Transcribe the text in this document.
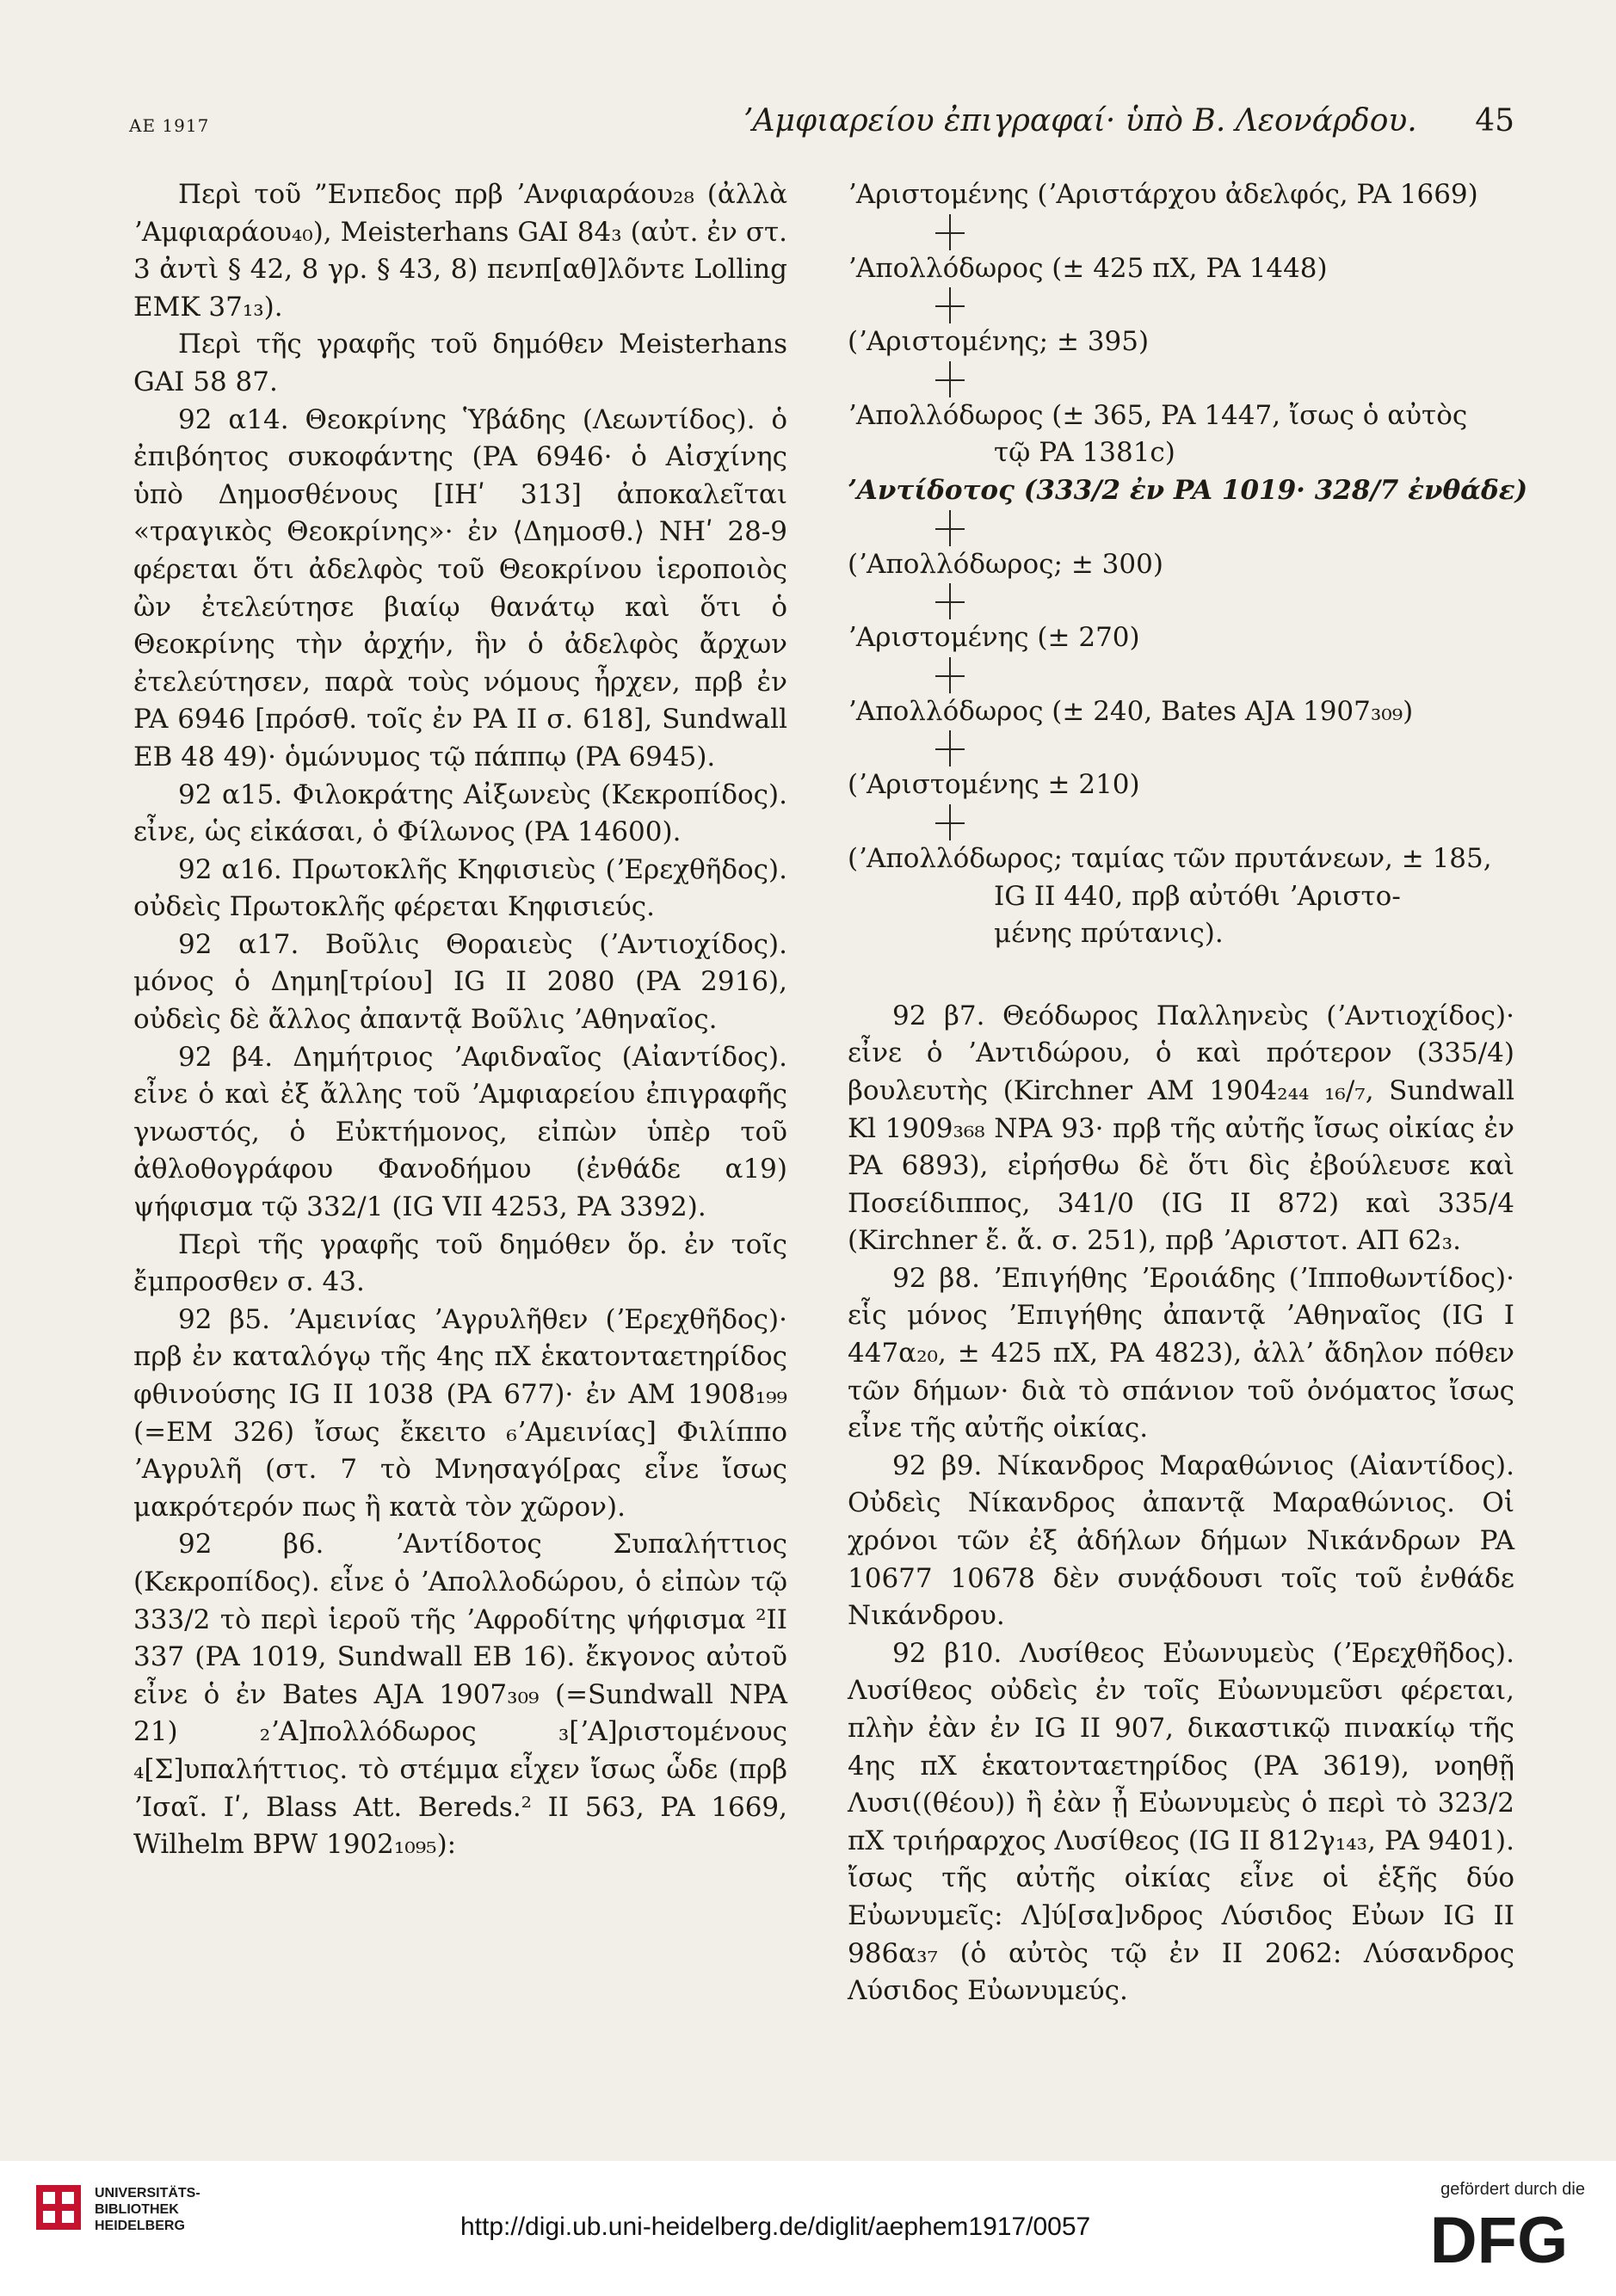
ΑΕ 1917	ʼΑμφιαρείου ἐπιγραφαί· ὑπὸ Β. Λεονάρδου. 45

Περὶ τοῦ ”Ενπεδος πρβ ʼΑνφιαράου₂₈ (ἀλλὰ ʼΑμφιαράου₄₀), Meisterhans GAI 84₃ (αὐτ. ἐν στ. 3 ἀντὶ § 42, 8 γρ. § 43, 8) πενπ[αθ]λõντε Lolling EMK 37₁₃).

Περὶ τῆς γραφῆς τοῦ δημόθεν Meisterhans GAI 58 87.

92 α14. Θεοκρίνης Ὑβάδης (Λεωντίδος). ὁ ἐπιβόητος συκοφάντης (PA 6946· ὁ Αἰσχίνης ὑπὸ Δημοσθένους [ΙΗʹ 313] ἀποκαλεῖται «τραγικὸς Θεοκρίνης»· ἐν ⟨Δημοσθ.⟩ ΝΗʹ 28-9 φέρεται ὅτι ἀδελφὸς τοῦ Θεοκρίνου ἱεροποιὸς ὢν ἐτελεύτησε βιαίῳ θανάτῳ καὶ ὅτι ὁ Θεοκρίνης τὴν ἀρχήν, ἣν ὁ ἀδελφὸς ἄρχων ἐτελεύτησεν, παρὰ τοὺς νόμους ἦρχεν, πρβ ἐν PA 6946 [πρόσθ. τοῖς ἐν PA II σ. 618], Sundwall EB 48 49)· ὁμώνυμος τῷ πάππῳ (PA 6945).

92 α15. Φιλοκράτης Αἰξωνεὺς (Κεκροπίδος). εἶνε, ὡς εἰκάσαι, ὁ Φίλωνος (PA 14600).

92 α16. Πρωτοκλῆς Κηφισιεὺς (ʼΕρεχθῆδος). οὐδεὶς Πρωτοκλῆς φέρεται Κηφισιεύς.

92 α17. Βοῦλις Θοραιεὺς (ʼΑντιοχίδος). μόνος ὁ Δημη[τρίου] IG II 2080 (PA 2916), οὐδεὶς δὲ ἄλλος ἀπαντᾷ Βοῦλις ʼΑθηναῖος.

92 β4. Δημήτριος ʼΑφιδναῖος (Αἰαντίδος). εἶνε ὁ καὶ ἐξ ἄλλης τοῦ ʼΑμφιαρείου ἐπιγραφῆς γνωστός, ὁ Εὐκτήμονος, εἰπὼν ὑπὲρ τοῦ ἀθλοθογράφου Φανοδήμου (ἐνθάδε α19) ψήφισμα τῷ 332/1 (IG VII 4253, PA 3392).

Περὶ τῆς γραφῆς τοῦ δημόθεν ὅρ. ἐν τοῖς ἔμπροσθεν σ. 43.

92 β5. ʼΑμεινίας ʼΑγρυλῆθεν (ʼΕρεχθῆδος)· πρβ ἐν καταλόγῳ τῆς 4ης πΧ ἑκατονταετηρίδος φθινούσης IG II 1038 (PA 677)· ἐν AM 1908₁₉₉ (=EM 326) ἴσως ἔκειτο ₆ʼΑμεινίας] Φιλίππο ʼΑγρυλῆ (στ. 7 τὸ Μνησαγό[ρας εἶνε ἴσως μακρότερόν πως ἢ κατὰ τὸν χῶρον).

92 β6. ʼΑντίδοτος Συπαλήττιος (Κεκροπίδος). εἶνε ὁ ʼΑπολλοδώρου, ὁ εἰπὼν τῷ 333/2 τὸ περὶ ἱεροῦ τῆς ʼΑφροδίτης ψήφισμα ²II 337 (PA 1019, Sundwall EB 16). ἔκγονος αὐτοῦ εἶνε ὁ ἐν Bates AJA 1907₃₀₉ (=Sundwall NPA 21) ₂ʼΑ]πολλόδωρος ₃[ʼΑ]ριστομένους ₄[Σ]υπαλήττιος. τὸ στέμμα εἶχεν ἴσως ὧδε (πρβ ʼΙσαῖ. Ιʹ, Blass Att. Bereds.² II 563, PA 1669, Wilhelm BPW 1902₁₀₉₅):

ʼΑριστομένης (ʼΑριστάρχου ἀδελφός, PA 1669)

ʼΑπολλόδωρος (± 425 πΧ, PA 1448)

(ʼΑριστομένης; ± 395)

ʼΑπολλόδωρος (± 365, PA 1447, ἴσως ὁ αὐτὸς

τῷ PA 1381c)

ʼΑντίδοτος (333/2 ἐν PA 1019· 328/7 ἐνθάδε)

(ʼΑπολλόδωρος; ± 300)

ʼΑριστομένης (± 270)

ʼΑπολλόδωρος (± 240, Bates AJA 1907₃₀₉)

(ʼΑριστομένης ± 210)

(ʼΑπολλόδωρος; ταμίας τῶν πρυτάνεων, ± 185,

IG II 440, πρβ αὐτόθι ʼΑριστο-

μένης πρύτανις).

92 β7. Θεόδωρος Παλληνεὺς (ʼΑντιοχίδος)· εἶνε ὁ ʼΑντιδώρου, ὁ καὶ πρότερον (335/4) βουλευτὴς (Kirchner AM 1904₂₄₄ ₁₆/₇, Sundwall Kl 1909₃₆₈ NPA 93· πρβ τῆς αὐτῆς ἴσως οἰκίας ἐν PA 6893), εἰρήσθω δὲ ὅτι δὶς ἐβούλευσε καὶ Ποσείδιππος, 341/0 (IG II 872) καὶ 335/4 (Kirchner ἔ. ἄ. σ. 251), πρβ ʼΑριστοτ. ΑΠ 62₃.

92 β8. ʼΕπιγήθης ʼΕροιάδης (ʼΙπποθωντίδος)· εἷς μόνος ʼΕπιγήθης ἀπαντᾷ ʼΑθηναῖος (IG I 447α₂₀, ± 425 πΧ, PA 4823), ἀλλʼ ἄδηλον πόθεν τῶν δήμων· διὰ τὸ σπάνιον τοῦ ὀνόματος ἴσως εἶνε τῆς αὐτῆς οἰκίας.

92 β9. Νίκανδρος Μαραθώνιος (Αἰαντίδος). Οὐδεὶς Νίκανδρος ἀπαντᾷ Μαραθώνιος. Οἱ χρόνοι τῶν ἐξ ἀδήλων δήμων Νικάνδρων PA 10677 10678 δὲν συνᾴδουσι τοῖς τοῦ ἐνθάδε Νικάνδρου.

92 β10. Λυσίθεος Εὐωνυμεὺς (ʼΕρεχθῆδος). Λυσίθεος οὐδεὶς ἐν τοῖς Εὐωνυμεῦσι φέρεται, πλὴν ἐὰν ἐν IG II 907, δικαστικῷ πινακίῳ τῆς 4ης πΧ ἑκατονταετηρίδος (PA 3619), νοηθῇ Λυσι((θέου)) ἢ ἐὰν ᾖ Εὐωνυμεὺς ὁ περὶ τὸ 323/2 πΧ τριήραρχος Λυσίθεος (IG II 812γ₁₄₃, PA 9401). ἴσως τῆς αὐτῆς οἰκίας εἶνε οἱ ἑξῆς δύο Εὐωνυμεῖς: Λ]ύ[σα]νδρος Λύσιδος Εὐων IG II 986α₃₇ (ὁ αὐτὸς τῷ ἐν II 2062: Λύσανδρος Λύσιδος Εὐωνυμεύς.

UNIVERSITÄTS-
BIBLIOTHEK
HEIDELBERG	http://digi.ub.uni-heidelberg.de/diglit/aephem1917/0057
gefördert durch die
DFG
